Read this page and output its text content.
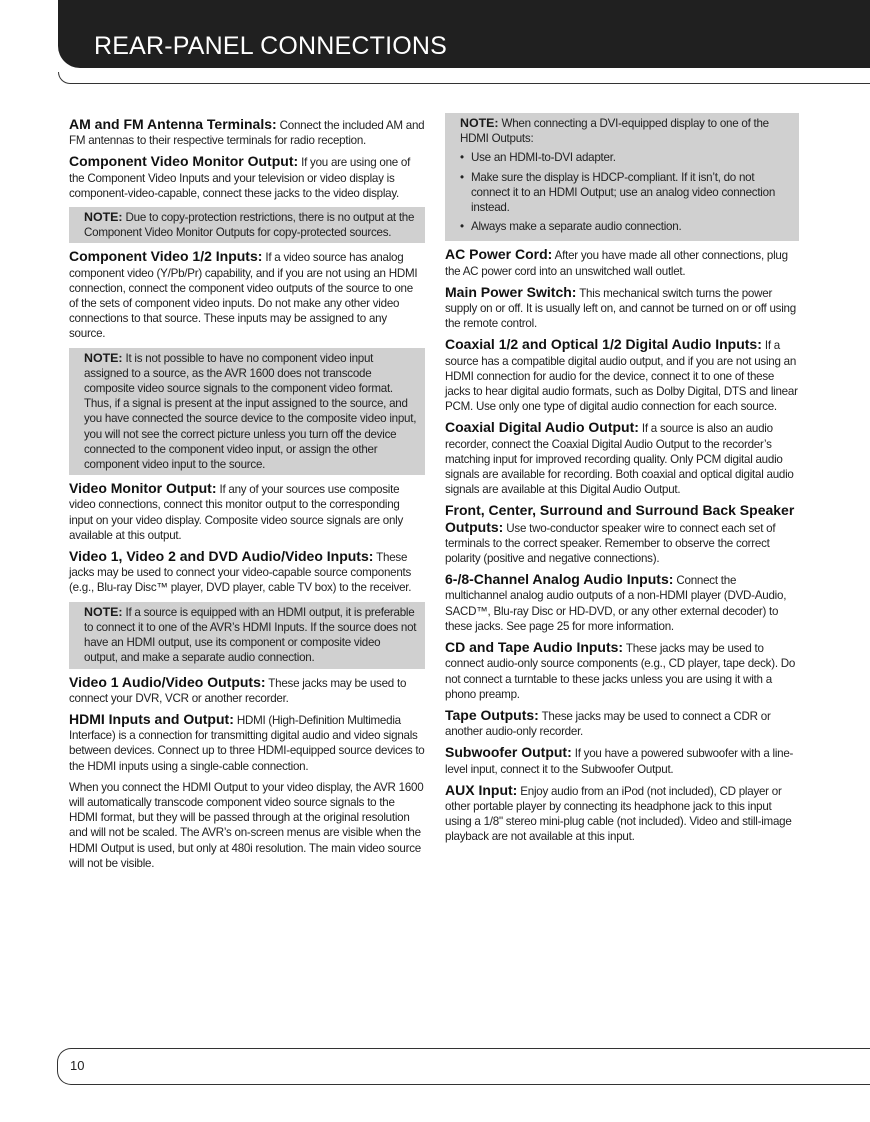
REAR-PANEL CONNECTIONS

AM and FM Antenna Terminals: Connect the included AM and FM antennas to their respective terminals for radio reception.

Component Video Monitor Output: If you are using one of the Component Video Inputs and your television or video display is component-video-capable, connect these jacks to the video display.

NOTE: Due to copy-protection restrictions, there is no output at the Component Video Monitor Outputs for copy-protected sources.

Component Video 1/2 Inputs: If a video source has analog component video (Y/Pb/Pr) capability, and if you are not using an HDMI connection, connect the component video outputs of the source to one of the sets of component video inputs. Do not make any other video connections to that source. These inputs may be assigned to any source.

NOTE: It is not possible to have no component video input assigned to a source, as the AVR 1600 does not transcode composite video source signals to the component video format. Thus, if a signal is present at the input assigned to the source, and you have connected the source device to the composite video input, you will not see the correct picture unless you turn off the device connected to the component video input, or assign the other component video input to the source.

Video Monitor Output: If any of your sources use composite video connections, connect this monitor output to the corresponding input on your video display. Composite video source signals are only available at this output.

Video 1, Video 2 and DVD Audio/Video Inputs: These jacks may be used to connect your video-capable source components (e.g., Blu-ray Disc™ player, DVD player, cable TV box) to the receiver.

NOTE: If a source is equipped with an HDMI output, it is preferable to connect it to one of the AVR’s HDMI Inputs. If the source does not have an HDMI output, use its component or composite video output, and make a separate audio connection.

Video 1 Audio/Video Outputs: These jacks may be used to connect your DVR, VCR or another recorder.

HDMI Inputs and Output: HDMI (High-Definition Multimedia Interface) is a connection for transmitting digital audio and video signals between devices. Connect up to three HDMI-equipped source devices to the HDMI inputs using a single-cable connection.

When you connect the HDMI Output to your video display, the AVR 1600 will automatically transcode component video source signals to the HDMI format, but they will be passed through at the original resolution and will not be scaled. The AVR’s on-screen menus are visible when the HDMI Output is used, but only at 480i resolution. The main video source will not be visible.

NOTE: When connecting a DVI-equipped display to one of the HDMI Outputs:

• Use an HDMI-to-DVI adapter.
• Make sure the display is HDCP-compliant. If it isn’t, do not connect it to an HDMI Output; use an analog video connection instead.
• Always make a separate audio connection.

AC Power Cord: After you have made all other connections, plug the AC power cord into an unswitched wall outlet.

Main Power Switch: This mechanical switch turns the power supply on or off. It is usually left on, and cannot be turned on or off using the remote control.

Coaxial 1/2 and Optical 1/2 Digital Audio Inputs: If a source has a compatible digital audio output, and if you are not using an HDMI connection for audio for the device, connect it to one of these jacks to hear digital audio formats, such as Dolby Digital, DTS and linear PCM. Use only one type of digital audio connection for each source.

Coaxial Digital Audio Output: If a source is also an audio recorder, connect the Coaxial Digital Audio Output to the recorder’s matching input for improved recording quality. Only PCM digital audio signals are available for recording. Both coaxial and optical digital audio signals are available at this Digital Audio Output.

Front, Center, Surround and Surround Back Speaker Outputs: Use two-conductor speaker wire to connect each set of terminals to the correct speaker. Remember to observe the correct polarity (positive and negative connections).

6-/8-Channel Analog Audio Inputs: Connect the multichannel analog audio outputs of a non-HDMI player (DVD-Audio, SACD™, Blu-ray Disc or HD-DVD, or any other external decoder) to these jacks. See page 25 for more information.

CD and Tape Audio Inputs: These jacks may be used to connect audio-only source components (e.g., CD player, tape deck). Do not connect a turntable to these jacks unless you are using it with a phono preamp.

Tape Outputs: These jacks may be used to connect a CDR or another audio-only recorder.

Subwoofer Output: If you have a powered subwoofer with a line-level input, connect it to the Subwoofer Output.

AUX Input: Enjoy audio from an iPod (not included), CD player or other portable player by connecting its headphone jack to this input using a 1/8" stereo mini-plug cable (not included). Video and still-image playback are not available at this input.

10
